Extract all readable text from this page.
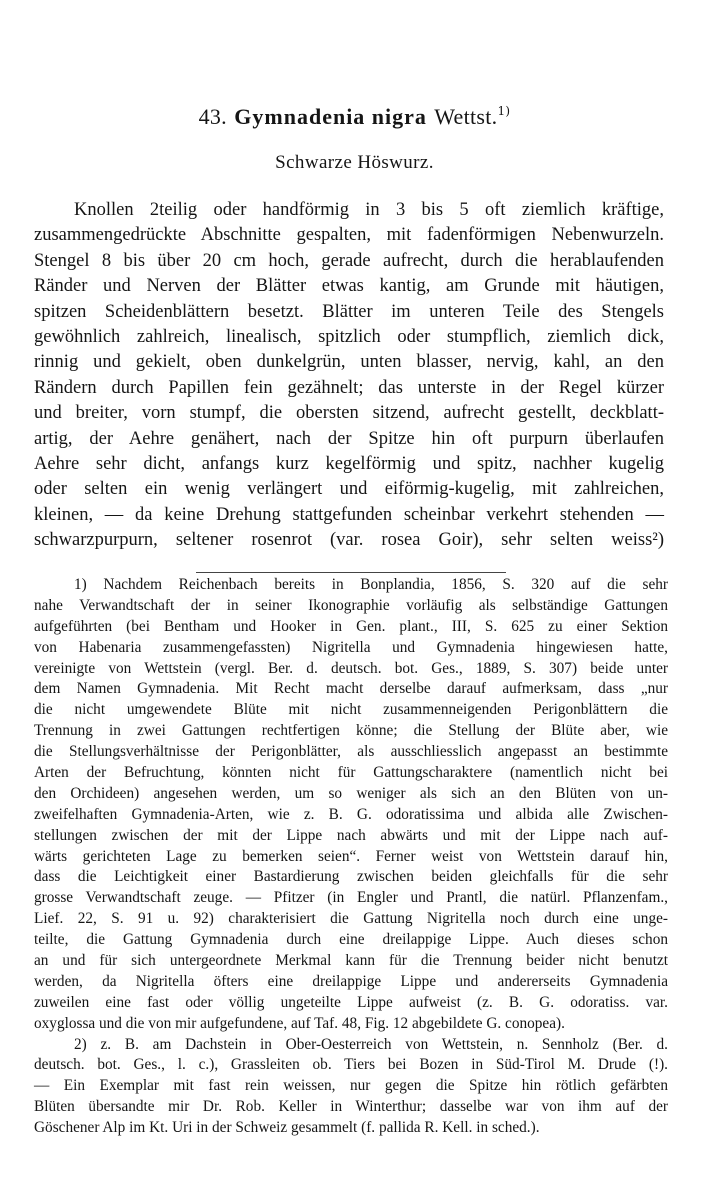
43. Gymnadenia nigra Wettst.$^{1)}$
Schwarze Höswurz.
Knollen 2teilig oder handförmig in 3 bis 5 oft ziemlich kräftige,
zusammengedrückte Abschnitte gespalten, mit fadenförmigen Nebenwurzeln.
Stengel 8 bis über 20 cm hoch, gerade aufrecht, durch die herablaufenden
Ränder und Nerven der Blätter etwas kantig, am Grunde mit häutigen,
spitzen Scheidenblättern besetzt. Blätter im unteren Teile des Stengels
gewöhnlich zahlreich, linealisch, spitzlich oder stumpflich, ziemlich dick,
rinnig und gekielt, oben dunkelgrün, unten blasser, nervig, kahl, an den
Rändern durch Papillen fein gezähnelt; das unterste in der Regel kürzer
und breiter, vorn stumpf, die obersten sitzend, aufrecht gestellt, deckblatt-
artig, der Aehre genähert, nach der Spitze hin oft purpurn überlaufen
Aehre sehr dicht, anfangs kurz kegelförmig und spitz, nachher kugelig
oder selten ein wenig verlängert und eiförmig-kugelig, mit zahlreichen,
kleinen, — da keine Drehung stattgefunden scheinbar verkehrt stehenden —
schwarzpurpurn, seltener rosenrot (var. rosea Goir), sehr selten weiss²)
1) Nachdem Reichenbach bereits in Bonplandia, 1856, S. 320 auf die sehr
nahe Verwandtschaft der in seiner Ikonographie vorläufig als selbständige Gattungen
aufgeführten (bei Bentham und Hooker in Gen. plant., III, S. 625 zu einer Sektion
von Habenaria zusammengefassten) Nigritella und Gymnadenia hingewiesen hatte,
vereinigte von Wettstein (vergl. Ber. d. deutsch. bot. Ges., 1889, S. 307) beide unter
dem Namen Gymnadenia. Mit Recht macht derselbe darauf aufmerksam, dass „nur
die nicht umgewendete Blüte mit nicht zusammenneigenden Perigonblättern die
Trennung in zwei Gattungen rechtfertigen könne; die Stellung der Blüte aber, wie
die Stellungsverhältnisse der Perigonblätter, als ausschliesslich angepasst an bestimmte
Arten der Befruchtung, könnten nicht für Gattungscharaktere (namentlich nicht bei
den Orchideen) angesehen werden, um so weniger als sich an den Blüten von un-
zweifelhaften Gymnadenia-Arten, wie z. B. G. odoratissima und albida alle Zwischen-
stellungen zwischen der mit der Lippe nach abwärts und mit der Lippe nach auf-
wärts gerichteten Lage zu bemerken seien“. Ferner weist von Wettstein darauf hin,
dass die Leichtigkeit einer Bastardierung zwischen beiden gleichfalls für die sehr
grosse Verwandtschaft zeuge. — Pfitzer (in Engler und Prantl, die natürl. Pflanzenfam.,
Lief. 22, S. 91 u. 92) charakterisiert die Gattung Nigritella noch durch eine unge-
teilte, die Gattung Gymnadenia durch eine dreilappige Lippe. Auch dieses schon
an und für sich untergeordnete Merkmal kann für die Trennung beider nicht benutzt
werden, da Nigritella öfters eine dreilappige Lippe und andererseits Gymnadenia
zuweilen eine fast oder völlig ungeteilte Lippe aufweist (z. B. G. odoratiss. var.
oxyglossa und die von mir aufgefundene, auf Taf. 48, Fig. 12 abgebildete G. conopea).
2) z. B. am Dachstein in Ober-Oesterreich von Wettstein, n. Sennholz (Ber. d.
deutsch. bot. Ges., l. c.), Grassleiten ob. Tiers bei Bozen in Süd-Tirol M. Drude (!).
— Ein Exemplar mit fast rein weissen, nur gegen die Spitze hin rötlich gefärbten
Blüten übersandte mir Dr. Rob. Keller in Winterthur; dasselbe war von ihm auf der
Göschener Alp im Kt. Uri in der Schweiz gesammelt (f. pallida R. Kell. in sched.).
